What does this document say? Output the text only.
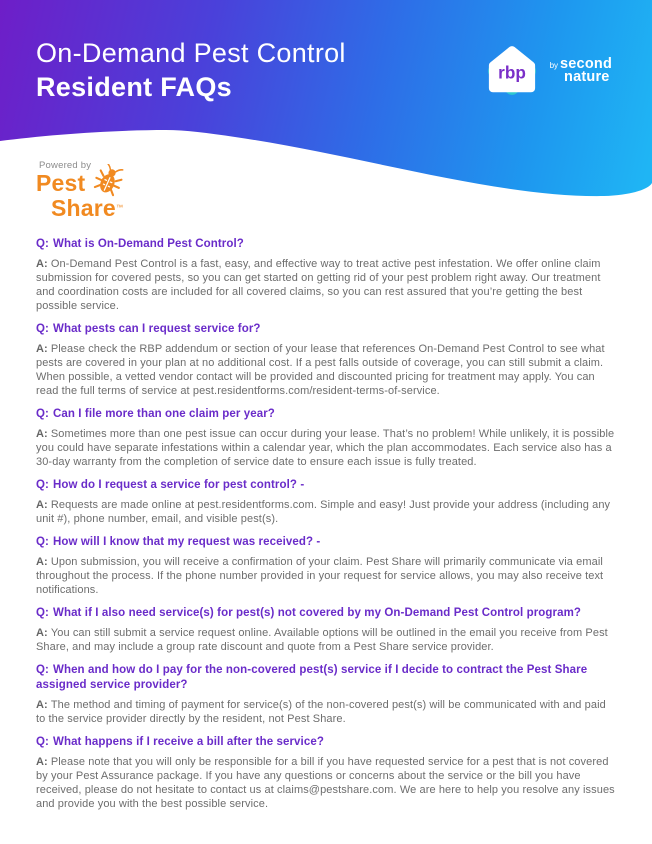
On-Demand Pest Control
Resident FAQs	rbp	by second
nature
Powered by
Pest
Share™

Q: What is On-Demand Pest Control?

A: On-Demand Pest Control is a fast, easy, and effective way to treat active pest infestation. We offer online claim submission for covered pests, so you can get started on getting rid of your pest problem right away. Our treatment and coordination costs are included for all covered claims, so you can rest assured that you’re getting the best possible service.

Q: What pests can I request service for?

A: Please check the RBP addendum or section of your lease that references On-Demand Pest Control to see what pests are covered in your plan at no additional cost. If a pest falls outside of coverage, you can still submit a claim. When possible, a vetted vendor contact will be provided and discounted pricing for treatment may apply. You can read the full terms of service at pest.residentforms.com/resident-terms-of-service.

Q: Can I file more than one claim per year?

A: Sometimes more than one pest issue can occur during your lease. That’s no problem! While unlikely, it is possible you could have separate infestations within a calendar year, which the plan accommodates. Each service also has a 30-day warranty from the completion of service date to ensure each issue is fully treated.

Q: How do I request a service for pest control? -

A: Requests are made online at pest.residentforms.com. Simple and easy! Just provide your address (including any unit #), phone number, email, and visible pest(s).

Q: How will I know that my request was received? -

A: Upon submission, you will receive a confirmation of your claim. Pest Share will primarily communicate via email throughout the process. If the phone number provided in your request for service allows, you may also receive text notifications.

Q: What if I also need service(s) for pest(s) not covered by my On-Demand Pest Control program?

A: You can still submit a service request online. Available options will be outlined in the email you receive from Pest Share, and may include a group rate discount and quote from a Pest Share service provider.

Q: When and how do I pay for the non-covered pest(s) service if I decide to contract the Pest Share assigned service provider?

A: The method and timing of payment for service(s) of the non-covered pest(s) will be communicated with and paid to the service provider directly by the resident, not Pest Share.

Q: What happens if I receive a bill after the service?

A: Please note that you will only be responsible for a bill if you have requested service for a pest that is not covered by your Pest Assurance package. If you have any questions or concerns about the service or the bill you have received, please do not hesitate to contact us at claims@pestshare.com. We are here to help you resolve any issues and provide you with the best possible service.
